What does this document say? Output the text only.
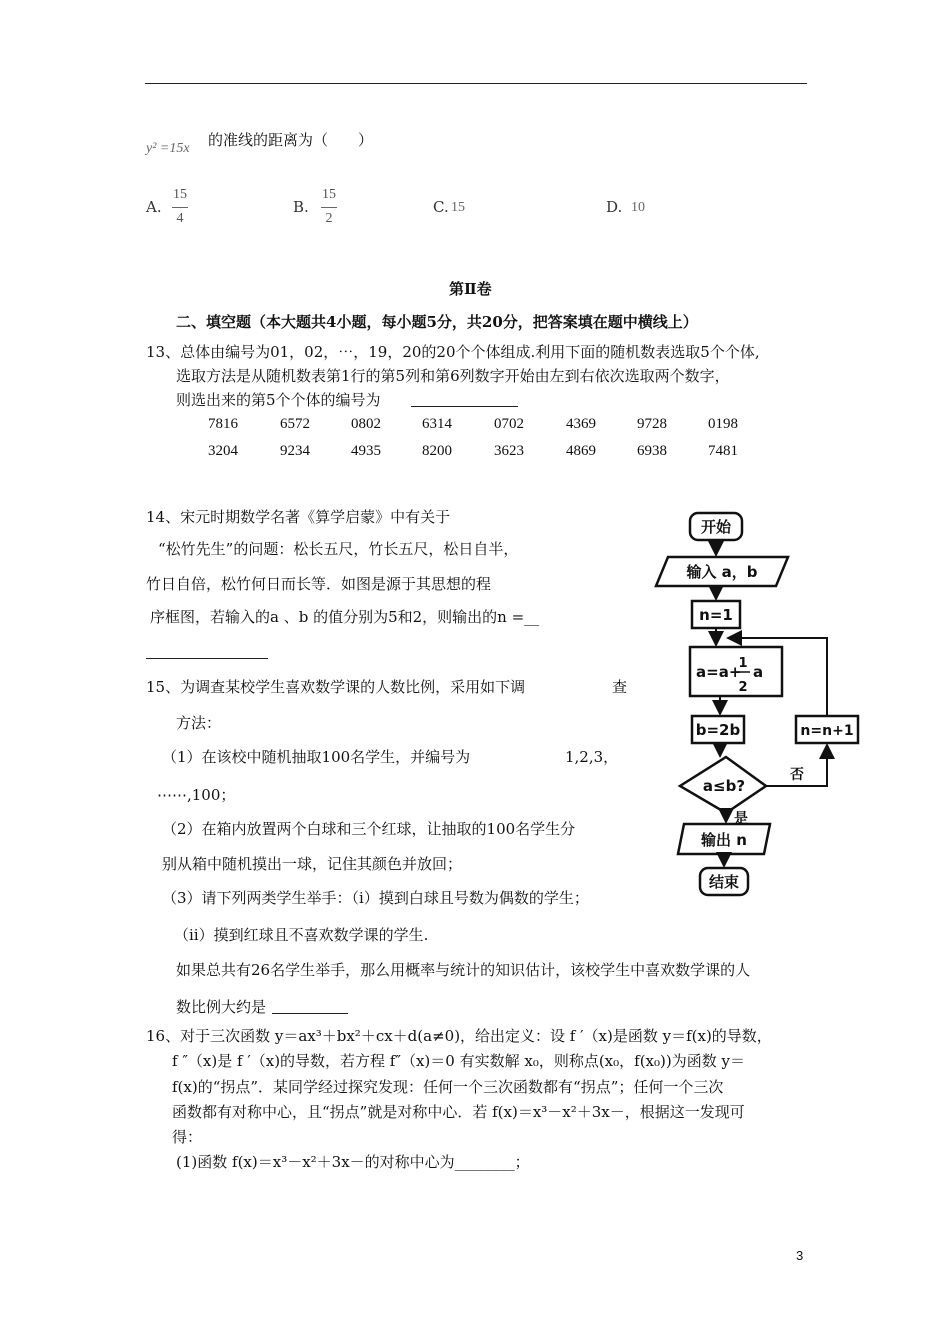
y² =15x 的准线的距离为（　　）
A.
15
4
B.
15
2
C. 15	D. 10
第Ⅱ卷
二、填空题（本大题共4小题，每小题5分，共20分，把答案填在题中横线上）
13、总体由编号为01，02，⋯，19，20的20个个体组成.利用下面的随机数表选取5个个体,
选取方法是从随机数表第1行的第5列和第6列数字开始由左到右依次选取两个数字，
则选出来的第5个个体的编号为
7816	6572	0802	6314	0702	4369	9728	0198
3204	9234	4935	8200	3623	4869	6938	7481
14、宋元时期数学名著《算学启蒙》中有关于
“松竹先生”的问题：松长五尺，竹长五尺，松日自半，
竹日自倍，松竹何日而长等．如图是源于其思想的程
序框图，若输入的a 、b 的值分别为5和2，则输出的n =__
开始
输入 a，b
n=1
a=a+
1
2
a
b=2b
a≤b?
是
否
n=n+1
输出 n
结束
15、为调查某校学生喜欢数学课的人数比例，采用如下调	查
方法：
（1）在该校中随机抽取100名学生，并编号为	1,2,3，
⋯⋯,100；
（2）在箱内放置两个白球和三个红球，让抽取的100名学生分
别从箱中随机摸出一球，记住其颜色并放回；
（3）请下列两类学生举手：（ⅰ）摸到白球且号数为偶数的学生；
（ⅱ）摸到红球且不喜欢数学课的学生.
如果总共有26名学生举手，那么用概率与统计的知识估计，该校学生中喜欢数学课的人
数比例大约是
16、对于三次函数 y＝ax³＋bx²＋cx＋d(a≠0)，给出定义：设 f ′（x)是函数 y＝f(x)的导数，
f ″（x)是 f ′（x)的导数，若方程 f″（x)＝0 有实数解 x₀，则称点(x₀，f(x₀))为函数 y＝
f(x)的“拐点”．某同学经过探究发现：任何一个三次函数都有“拐点”；任何一个三次
函数都有对称中心，且“拐点”就是对称中心．若 f(x)＝x³－x²＋3x－，根据这一发现可
得：
(1)函数 f(x)＝x³－x²＋3x－的对称中心为________；
3
